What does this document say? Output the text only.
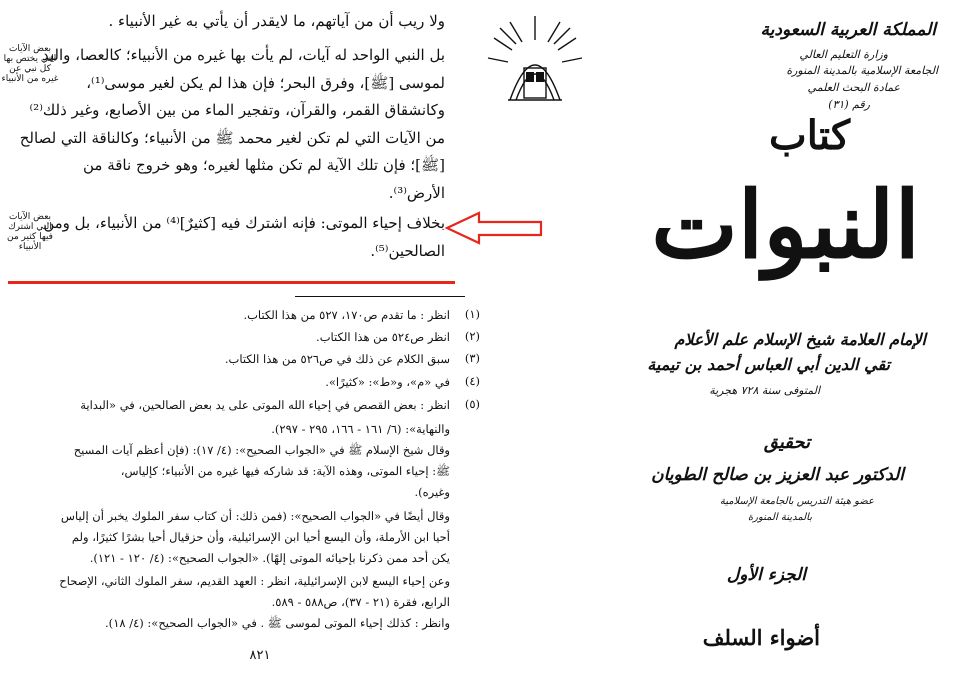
ولا ريب أن من آياتهم، ما لايقدر أن يأتي به غير الأنبياء .
بل النبي الواحد له آيات، لم يأت بها غيره من الأنبياء؛ كالعصا، واليد
لموسى [ﷺ]، وفرق البحر؛ فإن هذا لم يكن لغير موسى⁽¹⁾،
وكانشقاق القمر، والقرآن، وتفجير الماء من بين الأصابع، وغير ذلك⁽²⁾
من الآيات التي لم تكن لغير محمد ﷺ من الأنبياء؛ وكالناقة التي لصالح
[ﷺ]؛ فإن تلك الآية لم تكن مثلها لغيره؛ وهو خروج ناقة من
الأرض⁽³⁾.
بخلاف إحياء الموتى: فإنه اشترك فيه [كثيرٌ]⁽⁴⁾ من الأنبياء، بل ومن
الصالحين⁽⁵⁾.
بعض الآيات التي يختص بها كل نبي عن غيره من الأنبياء
بعض الآيات التي اشترك فيها كثير من الأنبياء
(١)
انظر : ما تقدم ص١٧٠، ٥٢٧ من هذا الكتاب.
(٢)
انظر ص٥٢٤ من هذا الكتاب.
(٣)
سبق الكلام عن ذلك في ص٥٢٦ من هذا الكتاب.
(٤)
في «م»، و«ط»: «كثيرًا».
(٥)
انظر : بعض القصص في إحياء الله الموتى على يد بعض الصالحين، في «البداية
والنهاية»: (٦/ ١٦١ - ١٦٦، ٢٩٥ - ٢٩٧).
وقال شيخ الإسلام ﷺ في «الجواب الصحيح»: (٤/ ١٧): (فإن أعظم آيات المسيح
ﷺ: إحياء الموتى، وهذه الآية: قد شاركه فيها غيره من الأنبياء؛ كإلياس،
وغيره).
وقال أيضًا في «الجواب الصحيح»: (فمن ذلك: أن كتاب سفر الملوك يخبر أن إلياس
أحيا ابن الأرملة، وأن اليسع أحيا ابن الإسرائيلية، وأن حزقيال أحيا بشرًا كثيرًا، ولم
يكن أحد ممن ذكرنا بإحيائه الموتى إلهًا). «الجواب الصحيح»: (٤/ ١٢٠ - ١٢١).
وعن إحياء اليسع لابن الإسرائيلية، انظر : العهد القديم، سفر الملوك الثاني، الإصحاح
الرابع، فقرة (٢١ - ٣٧)، ص٥٨٨ - ٥٨٩.
وانظر : كذلك إحياء الموتى لموسى ﷺ . في «الجواب الصحيح»: (٤/ ١٨).
٨٢١
المملكة العربية السعودية
وزارة التعليم العالي
الجامعة الإسلامية بالمدينة المنورة
عمادة البحث العلمي
رقم (٣١)
كتاب
النبوات
الإمام العلامة شيخ الإسلام علم الأعلام
تقي الدين أبي العباس أحمد بن تيمية
المتوفى سنة ٧٢٨ هجرية
تحقيق
الدكتور عبد العزيز بن صالح الطويان
عضو هيئة التدريس بالجامعة الإسلامية
بالمدينة المنورة
الجزء الأول
أضواء السلف
